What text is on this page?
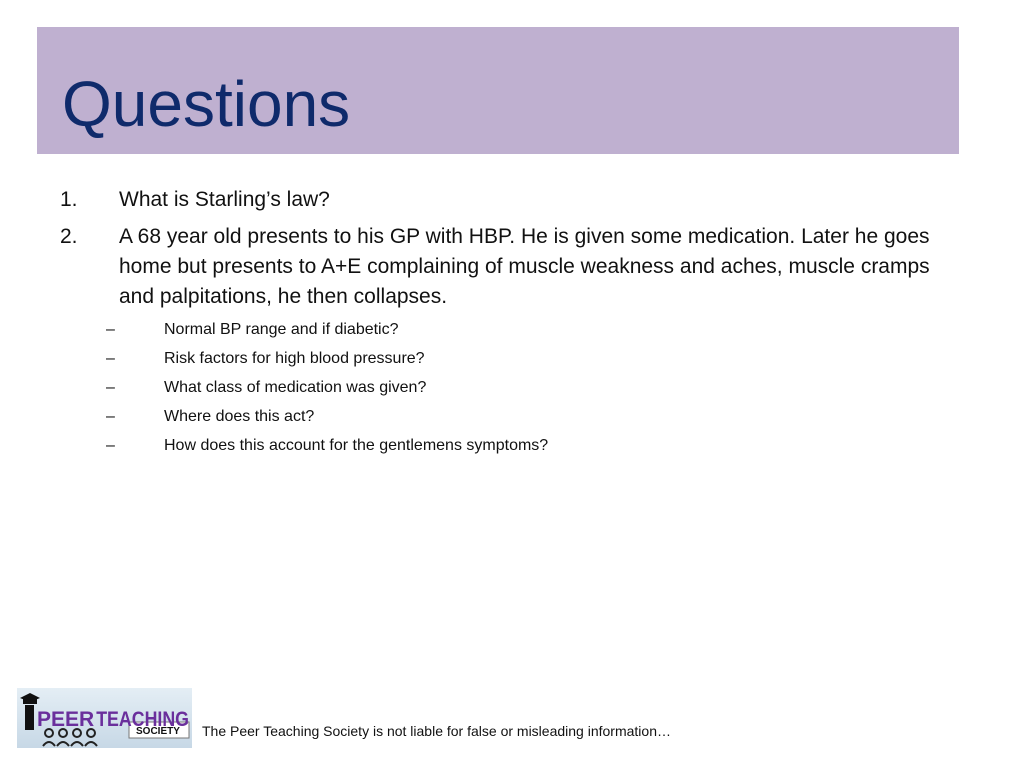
Questions
1.	What is Starling’s law?
2.	A 68 year old presents to his GP with HBP. He is given some medication. Later he goes home but presents to A+E complaining of muscle weakness and aches, muscle cramps and palpitations, he then collapses.
–	Normal BP range and if diabetic?
–	Risk factors for high blood pressure?
–	What class of medication was given?
–	Where does this act?
–	How does this account for the gentlemens symptoms?
PEER TEACHING
SOCIETY The Peer Teaching Society is not liable for false or misleading information…
